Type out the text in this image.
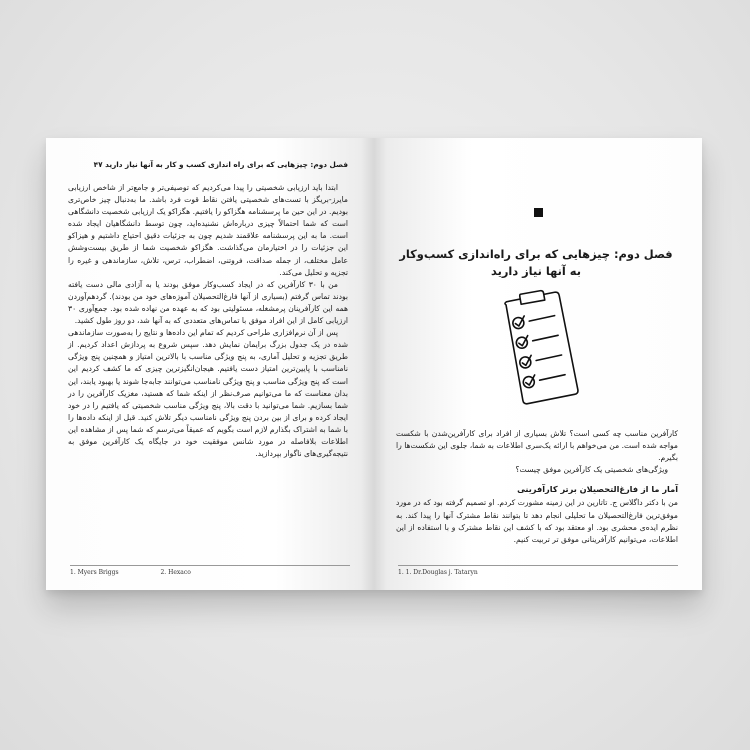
فصل دوم: چیزهایی که برای راه اندازی کسب و کار به آنها نیاز دارید ۴۷

ابتدا باید ارزیابی شخصیتی را پیدا می‌کردیم که توصیفی‌تر و جامع‌تر از شاخص ارزیابی مایرز-بریگز با تست‌های شخصیتی یافتن نقاط قوت فرد باشد. ما به‌دنبال چیز خاص‌تری بودیم. در این حین ما پرسشنامه هگزاکو را یافتیم. هگزاکو یک ارزیابی شخصیت دانشگاهی است که شما احتمالاً چیزی درباره‌اش نشنیده‌اید، چون توسط دانشگاهیان ایجاد شده است. ما به این پرسشنامه علاقمند شدیم چون به جزئیات دقیق احتیاج داشتیم و هیزاکو این جزئیات را در اختیارمان می‌گذاشت. هگزاکو شخصیت شما از طریق بیست‌وشش عامل مختلف، از جمله صداقت، فروتنی، اضطراب، ترس، تلاش، سازماندهی و غیره را تجزیه و تحلیل می‌کند.

من با ۳۰ کارآفرین که در ایجاد کسب‌وکار موفق بودند یا به آزادی مالی دست یافته بودند تماس گرفتم (بسیاری از آنها فارغ‌التحصیلان آموزه‌های خود من بودند). گردهم‌آوردن همه این کارآفرینان پرمشغله، مسئولیتی بود که به عهده من نهاده شده بود. جمع‌آوری ۳۰ ارزیابی کامل از این افراد موفق با تماس‌های متعددی که به آنها شد، دو روز طول کشید.

پس از آن نرم‌افزاری طراحی کردیم که تمام این داده‌ها و نتایج را به‌صورت سازماندهی شده در یک جدول بزرگ برایمان نمایش دهد. سپس شروع به پردازش اعداد کردیم. از طریق تجزیه و تحلیل آماری، به پنج ویژگی مناسب با بالاترین امتیاز و همچنین پنج ویژگی نامناسب با پایین‌ترین امتیاز دست یافتیم. هیجان‌انگیزترین چیزی که ما کشف کردیم این است که پنج ویژگی مناسب و پنج ویژگی نامناسب می‌توانند جابه‌جا شوند یا بهبود یابند، این بدان معناست که ما می‌توانیم صرف‌نظر از اینکه شما که هستید، مغزیک کارآفرین را در شما بسازیم. شما می‌توانید با دقت بالا، پنج ویژگی مناسب شخصیتی که یافتیم را در خود ایجاد کرده و برای از بین بردن پنج ویژگی نامناسب دیگر تلاش کنید. قبل از اینکه داده‌ها را با شما به اشتراک بگذارم لازم است بگویم که عمیقاً می‌ترسم که شما پس از مشاهده این اطلاعات بلافاصله در مورد شانس موفقیت خود در جایگاه یک کارآفرین موفق به نتیجه‌گیری‌های ناگوار بپردازید.

1. Myers Briggs	2. Hexaco
فصل دوم: چیزهایی که برای راه‌اندازی کسب‌وکار
به آنها نیاز دارید

کارآفرین مناسب چه کسی است؟ تلاش بسیاری از افراد برای کارآفرین‌شدن با شکست مواجه شده است. من می‌خواهم با ارائه یک‌سری اطلاعات به شما، جلوی این شکست‌ها را بگیرم.

ویژگی‌های شخصیتی یک کارآفرین موفق چیست؟

آمار ما از فارغ‌التحصیلان برتر کارآفرینی

من با دکتر داگلاس ج. تاتارین در این زمینه مشورت کردم. او تصمیم گرفته بود که در مورد موفق‌ترین فارغ‌التحصیلان ما تحلیلی انجام دهد تا بتوانند نقاط مشترک آنها را پیدا کند. به نظرم ایده‌ی محشری بود. او معتقد بود که با کشف این نقاط مشترک و با استفاده از این اطلاعات، می‌توانیم کارآفرینانی موفق تر تربیت کنیم.

1. 1. Dr.Douglas j. Tataryn
